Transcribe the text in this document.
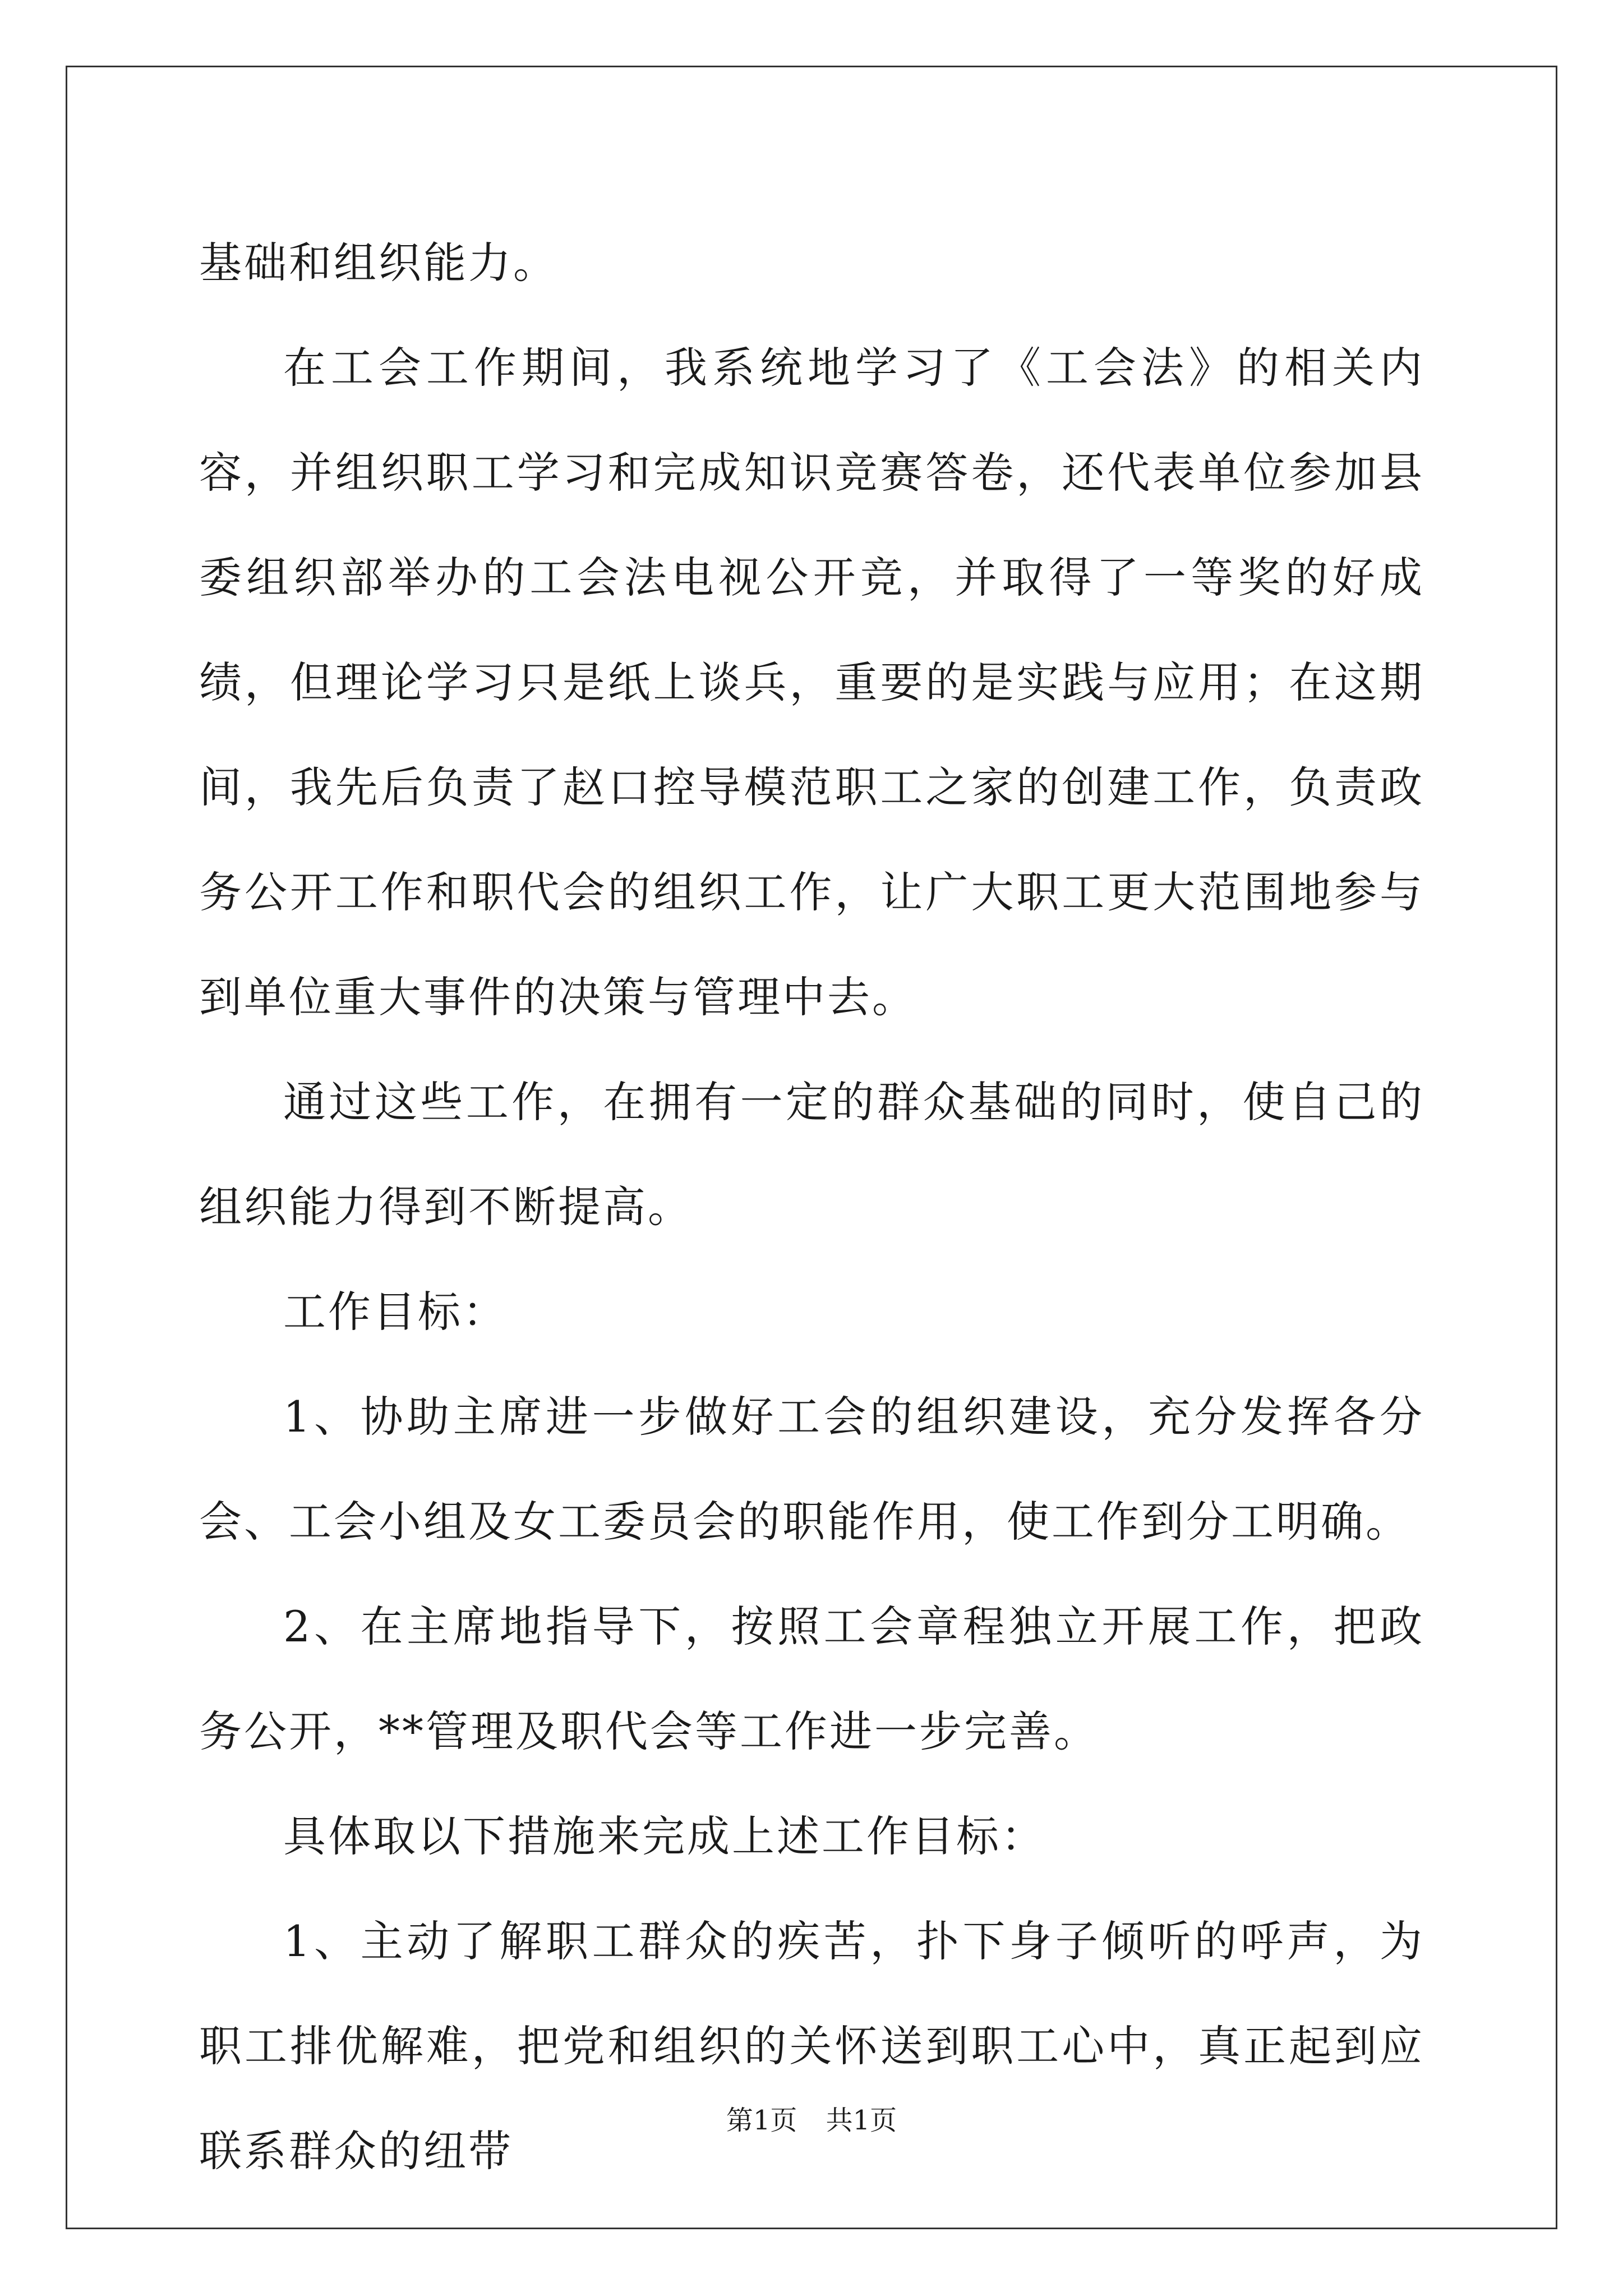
基础和组织能力。

在工会工作期间，我系统地学习了《工会法》的相关内容，并组织职工学习和完成知识竞赛答卷，还代表单位参加县委组织部举办的工会法电视公开竞，并取得了一等奖的好成绩，但理论学习只是纸上谈兵，重要的是实践与应用；在这期间，我先后负责了赵口控导模范职工之家的创建工作，负责政务公开工作和职代会的组织工作，让广大职工更大范围地参与到单位重大事件的决策与管理中去。

通过这些工作，在拥有一定的群众基础的同时，使自己的组织能力得到不断提高。

工作目标：

1、协助主席进一步做好工会的组织建设，充分发挥各分会、工会小组及女工委员会的职能作用，使工作到分工明确。

2、在主席地指导下，按照工会章程独立开展工作，把政务公开，**管理及职代会等工作进一步完善。

具体取以下措施来完成上述工作目标：

1、主动了解职工群众的疾苦，扑下身子倾听的呼声，为职工排优解难，把党和组织的关怀送到职工心中，真正起到应联系群众的纽带

第1页 共1页
